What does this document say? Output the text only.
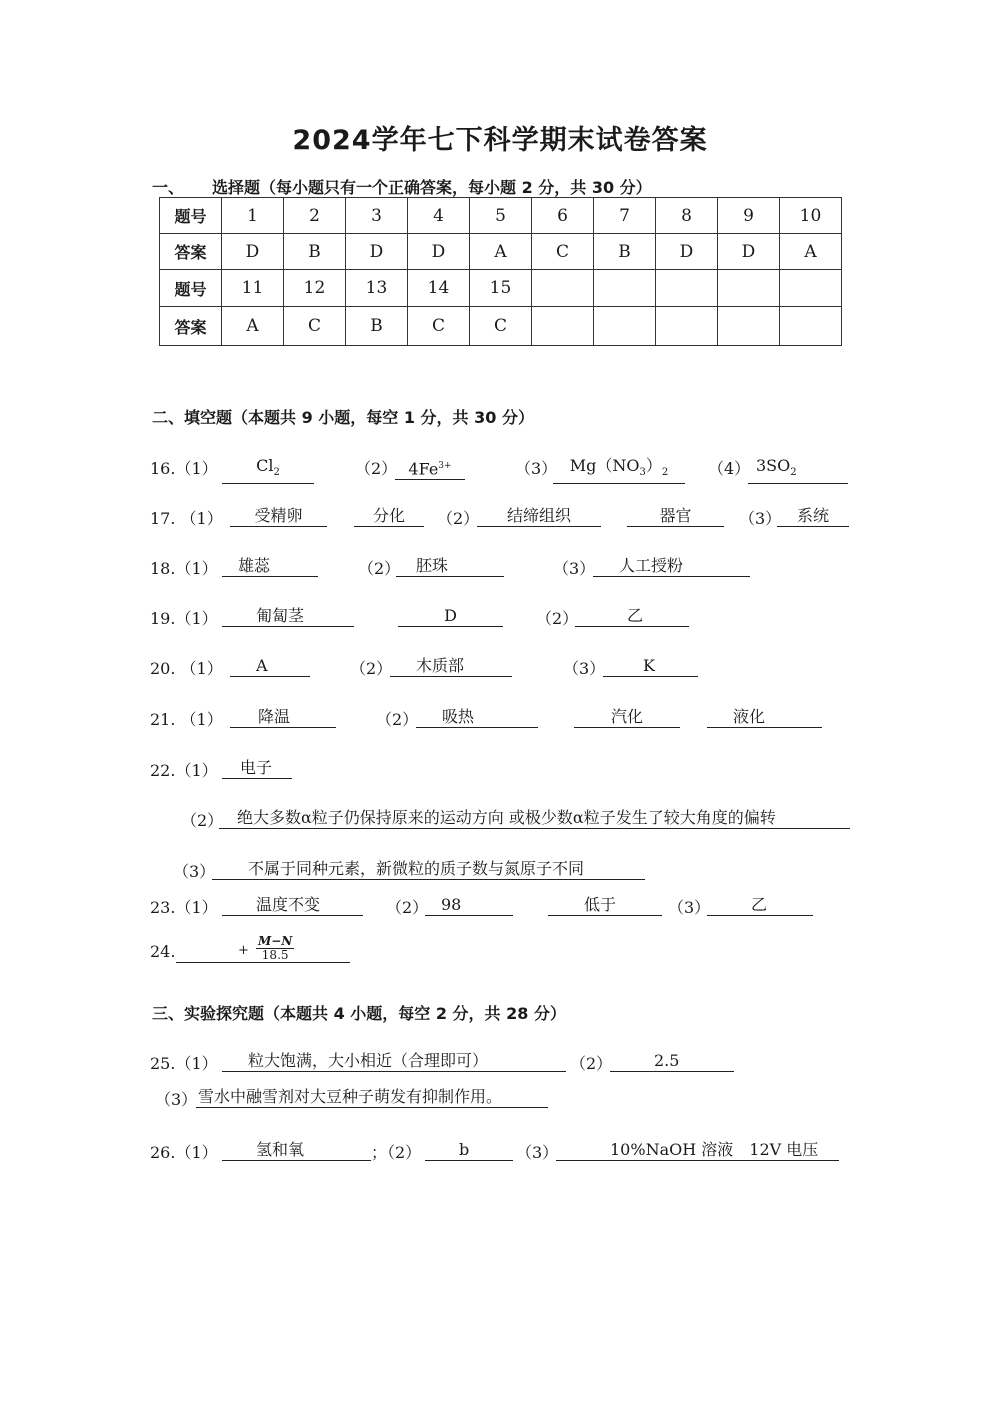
2024学年七下科学期末试卷答案
一、 选择题（每小题只有一个正确答案，每小题 2 分，共 30 分）
题号	1	2	3	4	5	6	7	8	9	10
答案	D	B	D	D	A	C	B	D	D	A
题号	11	12	13	14	15					
答案	A	C	B	C	C					
二、填空题（本题共 9 小题，每空 1 分，共 30 分）
16.（1）	$Cl_2$	（2） $4Fe^{3+}$	（3） $Mg(NO_3)_2$	（4） $3SO_2$
17. （1）	受精卵	分化	（2）	结缔组织	器官	（3） 系统
18.（1）	雄蕊	（2） 胚珠	（3）	人工授粉
19.（1）	匍匐茎	D	（2）	乙
20. （1）	A	（2）	木质部	（3）	K
21. （1）	降温	（2）	吸热	汽化	液化
22.（1）	电子
（2） 绝大多数α粒子仍保持原来的运动方向 或极少数α粒子发生了较大角度的偏转
（3）	不属于同种元素，新微粒的质子数与氮原子不同
23.（1）	温度不变	（2） 98	低于	（3）	乙
24.	+ $\frac{M-N}{18.5}$
三、实验探究题（本题共 4 小题，每空 2 分，共 28 分）
25.（1）	粒大饱满，大小相近（合理即可）	（2）	2.5
（3） 雪水中融雪剂对大豆种子萌发有抑制作用。
26.（1）	氢和氧	；（2）	b	（3）	10%NaOH 溶液　12V 电压
